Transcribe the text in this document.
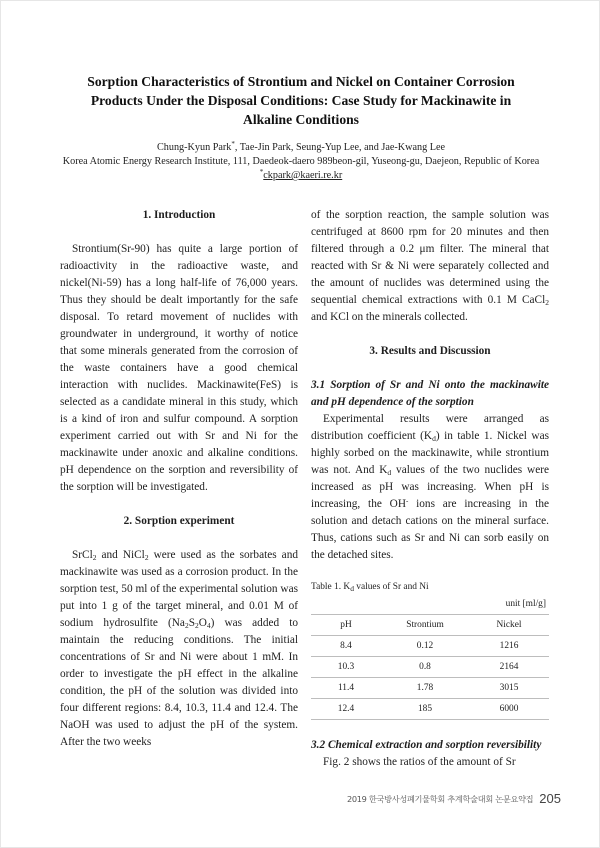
Sorption Characteristics of Strontium and Nickel on Container Corrosion
Products Under the Disposal Conditions: Case Study for Mackinawite in
Alkaline Conditions
Chung-Kyun Park*, Tae-Jin Park, Seung-Yup Lee, and Jae-Kwang Lee
Korea Atomic Energy Research Institute, 111, Daedeok-daero 989beon-gil, Yuseong-gu, Daejeon, Republic of Korea
*ckpark@kaeri.re.kr
1. Introduction

Strontium(Sr-90) has quite a large portion of radioactivity in the radioactive waste, and nickel(Ni-59) has a long half-life of 76,000 years. Thus they should be dealt importantly for the safe disposal. To retard movement of nuclides with groundwater in underground, it worthy of notice that some minerals generated from the corrosion of the waste containers have a good chemical interaction with nuclides. Mackinawite(FeS) is selected as a candidate mineral in this study, which is a kind of iron and sulfur compound. A sorption experiment carried out with Sr and Ni for the mackinawite under anoxic and alkaline conditions. pH dependence on the sorption and reversibility of the sorption will be investigated.

2. Sorption experiment

SrCl$_2$ and NiCl$_2$ were used as the sorbates and mackinawite was used as a corrosion product. In the sorption test, 50 ml of the experimental solution was put into 1 g of the target mineral, and 0.01 M of sodium hydrosulfite $(Na_2S_2O_4)$ was added to maintain the reducing conditions. The initial concentrations of Sr and Ni were about 1 mM. In order to investigate the pH effect in the alkaline condition, the pH of the solution was divided into four different regions: 8.4, 10.3, 11.4 and 12.4. The NaOH was used to adjust the pH of the system. After the two weeks

of the sorption reaction, the sample solution was centrifuged at 8600 rpm for 20 minutes and then filtered through a 0.2 μm filter. The mineral that reacted with Sr & Ni were separately collected and the amount of nuclides was determined using the sequential chemical extractions with 0.1 M CaCl$_2$ and KCl on the minerals collected.

3. Results and Discussion
3.1 Sorption of Sr and Ni onto the mackinawite and pH dependence of the sorption

Experimental results were arranged as distribution coefficient $(K_d)$ in table 1. Nickel was highly sorbed on the mackinawite, while strontium was not. And $K_d$ values of the two nuclides were increased as pH was increasing. When pH is increasing, the OH- ions are increasing in the solution and detach cations on the mineral surface. Thus, cations such as Sr and Ni can sorb easily on the detached sites.

Table 1. $K_d$ values of Sr and Ni
unit [ml/g]
pH	Strontium	Nickel
8.4	0.12	1216
10.3	0.8	2164
11.4	1.78	3015
12.4	185	6000
3.2 Chemical extraction and sorption reversibility

Fig. 2 shows the ratios of the amount of Sr

2019 한국방사성폐기물학회 추계학술대회 논문요약집 205
